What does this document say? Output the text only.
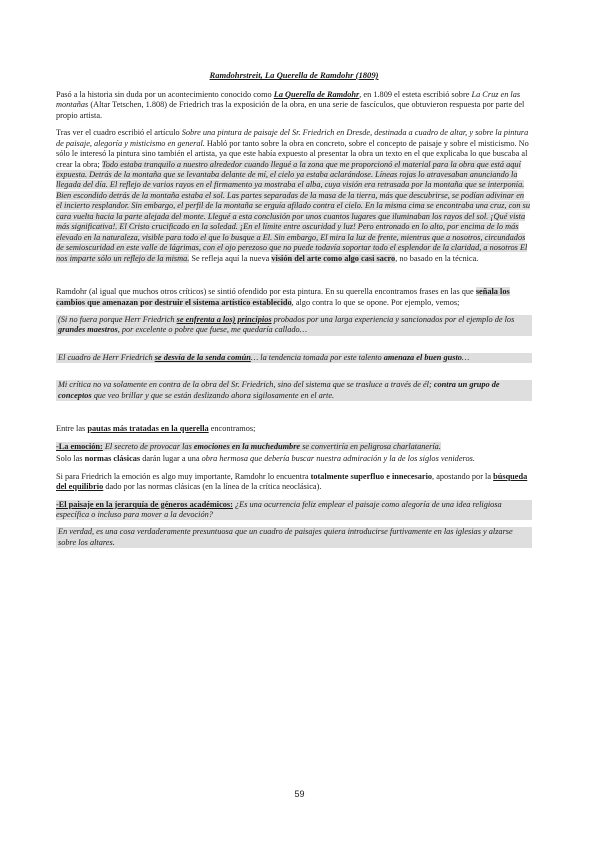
Ramdohrstreit, La Querella de Ramdohr (1809)

Pasó a la historia sin duda por un acontecimiento conocido como La Querella de Ramdohr, en 1.809 el esteta escribió sobre La Cruz en las montañas (Altar Tetschen, 1.808) de Friedrich tras la exposición de la obra, en una serie de fascículos, que obtuvieron respuesta por parte del propio artista.

Tras ver el cuadro escribió el artículo Sobre una pintura de paisaje del Sr. Friedrich en Dresde, destinada a cuadro de altar, y sobre la pintura de paisaje, alegoría y misticismo en general. Habló por tanto sobre la obra en concreto, sobre el concepto de paisaje y sobre el misticismo. No sólo le interesó la pintura sino también el artista, ya que este había expuesto al presentar la obra un texto en el que explicaba lo que buscaba al crear la obra; Todo estaba tranquilo a nuestro alrededor cuando llegué a la zona que me proporcionó el material para la obra que está aquí expuesta. Detrás de la montaña que se levantaba delante de mí, el cielo ya estaba aclarándose. Líneas rojas lo atravesaban anunciando la llegada del día. El reflejo de varios rayos en el firmamento ya mostraba el alba, cuya visión era retrasada por la montaña que se interponía. Bien escondido detrás de la montaña estaba el sol. Las partes separadas de la masa de la tierra, más que descubrirse, se podían adivinar en el incierto resplandor. Sin embargo, el perfil de la montaña se erguía afilado contra el cielo. En la misma cima se encontraba una cruz, con su cara vuelta hacia la parte alejada del monte. Llegué a esta conclusión por unos cuantos lugares que iluminaban los rayos del sol. ¡Qué vista más significativa!. El Cristo crucificado en la soledad. ¡En el límite entre oscuridad y luz! Pero entronado en lo alto, por encima de lo más elevado en la naturaleza, visible para todo el que lo busque a El. Sin embargo, El mira la luz de frente, mientras que a nosotros, circundados de semioscuridad en este valle de lágrimas, con el ojo perezoso que no puede todavía soportar todo el esplendor de la claridad, a nosotros El nos imparte sólo un reflejo de la misma. Se refleja aquí la nueva visión del arte como algo casi sacro, no basado en la técnica.

Ramdohr (al igual que muchos otros críticos) se sintió ofendido por esta pintura. En su querella encontramos frases en las que señala los cambios que amenazan por destruir el sistema artístico establecido, algo contra lo que se opone. Por ejemplo, vemos;

(Si no fuera porque Herr Friedrich se enfrenta a los) principios probados por una larga experiencia y sancionados por el ejemplo de los grandes maestros, por excelente o pobre que fuese, me quedaría callado…

El cuadro de Herr Friedrich se desvía de la senda común… la tendencia tomada por este talento amenaza el buen gusto…

Mi crítica no va solamente en contra de la obra del Sr. Friedrich, sino del sistema que se trasluce a través de él; contra un grupo de conceptos que veo brillar y que se están deslizando ahora sigilosamente en el arte.

Entre las pautas más tratadas en la querella encontramos;

-La emoción: El secreto de provocar las emociones en la muchedumbre se convertiría en peligrosa charlatanería.

Solo las normas clásicas darán lugar a una obra hermosa que debería buscar nuestra admiración y la de los siglos venideros.

Si para Friedrich la emoción es algo muy importante, Ramdohr lo encuentra totalmente superfluo e innecesario, apostando por la búsqueda del equilibrio dado por las normas clásicas (en la línea de la crítica neoclásica).

-El paisaje en la jerarquía de géneros académicos: ¿Es una ocurrencia feliz emplear el paisaje como alegoría de una idea religiosa específica o incluso para mover a la devoción?

En verdad, es una cosa verdaderamente presuntuosa que un cuadro de paisajes quiera introducirse furtivamente en las iglesias y alzarse sobre los altares.

59
